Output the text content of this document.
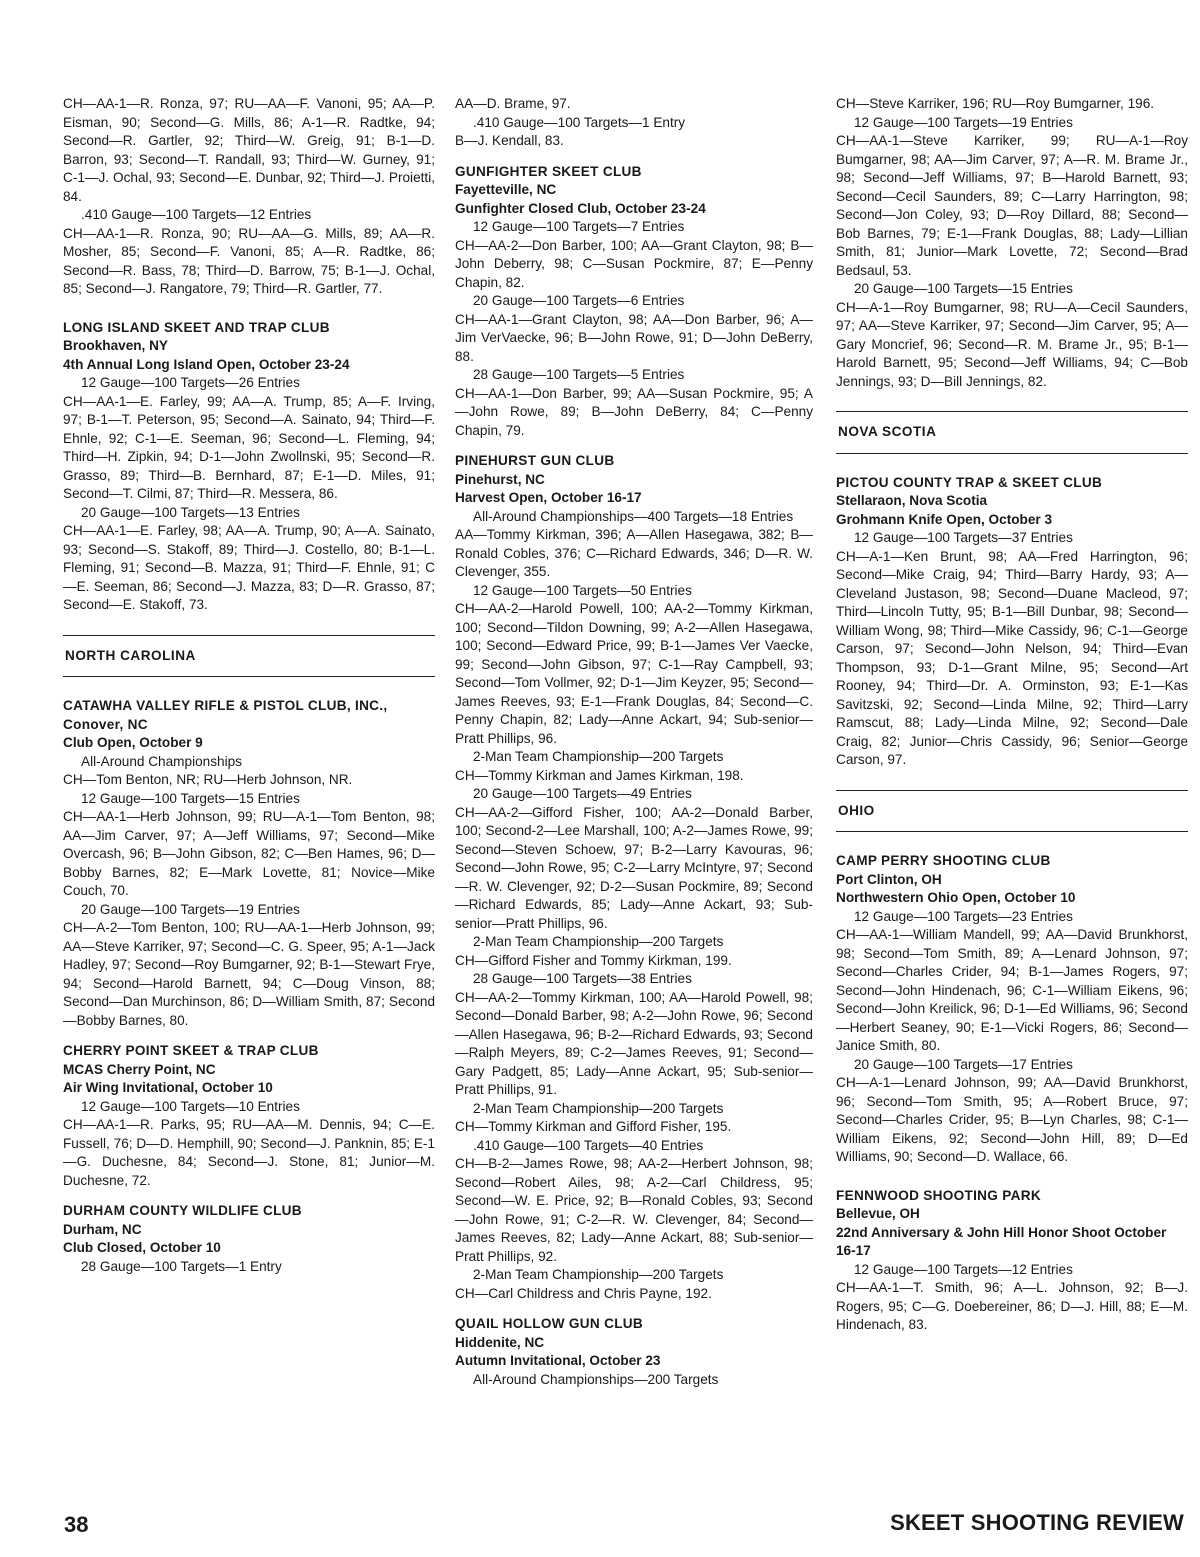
CH—AA-1—R. Ronza, 97; RU—AA—F. Vanoni, 95; AA—P. Eisman, 90; Second—G. Mills, 86; A-1—R. Radtke, 94; Second—R. Gartler, 92; Third—W. Greig, 91; B-1—D. Barron, 93; Second—T. Randall, 93; Third—W. Gurney, 91; C-1—J. Ochal, 93; Second—E. Dunbar, 92; Third—J. Proietti, 84.

.410 Gauge—100 Targets—12 Entries

CH—AA-1—R. Ronza, 90; RU—AA—G. Mills, 89; AA—R. Mosher, 85; Second—F. Vanoni, 85; A—R. Radtke, 86; Second—R. Bass, 78; Third—D. Barrow, 75; B-1—J. Ochal, 85; Second—J. Rangatore, 79; Third—R. Gartler, 77.

LONG ISLAND SKEET AND TRAP CLUB

Brookhaven, NY

4th Annual Long Island Open, October 23-24

12 Gauge—100 Targets—26 Entries

CH—AA-1—E. Farley, 99; AA—A. Trump, 85; A—F. Irving, 97; B-1—T. Peterson, 95; Second—A. Sainato, 94; Third—F. Ehnle, 92; C-1—E. Seeman, 96; Second—L. Fleming, 94; Third—H. Zipkin, 94; D-1—John Zwollnski, 95; Second—R. Grasso, 89; Third—B. Bernhard, 87; E-1—D. Miles, 91; Second—T. Cilmi, 87; Third—R. Messera, 86.

20 Gauge—100 Targets—13 Entries

CH—AA-1—E. Farley, 98; AA—A. Trump, 90; A—A. Sainato, 93; Second—S. Stakoff, 89; Third—J. Costello, 80; B-1—L. Fleming, 91; Second—B. Mazza, 91; Third—F. Ehnle, 91; C—E. Seeman, 86; Second—J. Mazza, 83; D—R. Grasso, 87; Second—E. Stakoff, 73.

NORTH CAROLINA

CATAWHA VALLEY RIFLE & PISTOL CLUB, INC., Conover, NC

Club Open, October 9

All-Around Championships

CH—Tom Benton, NR; RU—Herb Johnson, NR.

12 Gauge—100 Targets—15 Entries

CH—AA-1—Herb Johnson, 99; RU—A-1—Tom Benton, 98; AA—Jim Carver, 97; A—Jeff Williams, 97; Second—Mike Overcash, 96; B—John Gibson, 82; C—Ben Hames, 96; D—Bobby Barnes, 82; E—Mark Lovette, 81; Novice—Mike Couch, 70.

20 Gauge—100 Targets—19 Entries

CH—A-2—Tom Benton, 100; RU—AA-1—Herb Johnson, 99; AA—Steve Karriker, 97; Second—C. G. Speer, 95; A-1—Jack Hadley, 97; Second—Roy Bumgarner, 92; B-1—Stewart Frye, 94; Second—Harold Barnett, 94; C—Doug Vinson, 88; Second—Dan Murchinson, 86; D—William Smith, 87; Second—Bobby Barnes, 80.

CHERRY POINT SKEET & TRAP CLUB

MCAS Cherry Point, NC

Air Wing Invitational, October 10

12 Gauge—100 Targets—10 Entries

CH—AA-1—R. Parks, 95; RU—AA—M. Dennis, 94; C—E. Fussell, 76; D—D. Hemphill, 90; Second—J. Panknin, 85; E-1—G. Duchesne, 84; Second—J. Stone, 81; Junior—M. Duchesne, 72.

DURHAM COUNTY WILDLIFE CLUB

Durham, NC

Club Closed, October 10

28 Gauge—100 Targets—1 Entry

AA—D. Brame, 97.

.410 Gauge—100 Targets—1 Entry

B—J. Kendall, 83.

GUNFIGHTER SKEET CLUB

Fayetteville, NC

Gunfighter Closed Club, October 23-24

12 Gauge—100 Targets—7 Entries

CH—AA-2—Don Barber, 100; AA—Grant Clayton, 98; B—John Deberry, 98; C—Susan Pockmire, 87; E—Penny Chapin, 82.

20 Gauge—100 Targets—6 Entries

CH—AA-1—Grant Clayton, 98; AA—Don Barber, 96; A—Jim VerVaecke, 96; B—John Rowe, 91; D—John DeBerry, 88.

28 Gauge—100 Targets—5 Entries

CH—AA-1—Don Barber, 99; AA—Susan Pockmire, 95; A—John Rowe, 89; B—John DeBerry, 84; C—Penny Chapin, 79.

PINEHURST GUN CLUB

Pinehurst, NC

Harvest Open, October 16-17

All-Around Championships—400 Targets—18 Entries

AA—Tommy Kirkman, 396; A—Allen Hasegawa, 382; B—Ronald Cobles, 376; C—Richard Edwards, 346; D—R. W. Clevenger, 355.

12 Gauge—100 Targets—50 Entries

CH—AA-2—Harold Powell, 100; AA-2—Tommy Kirkman, 100; Second—Tildon Downing, 99; A-2—Allen Hasegawa, 100; Second—Edward Price, 99; B-1—James Ver Vaecke, 99; Second—John Gibson, 97; C-1—Ray Campbell, 93; Second—Tom Vollmer, 92; D-1—Jim Keyzer, 95; Second—James Reeves, 93; E-1—Frank Douglas, 84; Second—C. Penny Chapin, 82; Lady—Anne Ackart, 94; Sub-senior—Pratt Phillips, 96.

2-Man Team Championship—200 Targets

CH—Tommy Kirkman and James Kirkman, 198.

20 Gauge—100 Targets—49 Entries

CH—AA-2—Gifford Fisher, 100; AA-2—Donald Barber, 100; Second-2—Lee Marshall, 100; A-2—James Rowe, 99; Second—Steven Schoew, 97; B-2—Larry Kavouras, 96; Second—John Rowe, 95; C-2—Larry McIntyre, 97; Second—R. W. Clevenger, 92; D-2—Susan Pockmire, 89; Second—Richard Edwards, 85; Lady—Anne Ackart, 93; Sub-senior—Pratt Phillips, 96.

2-Man Team Championship—200 Targets

CH—Gifford Fisher and Tommy Kirkman, 199.

28 Gauge—100 Targets—38 Entries

CH—AA-2—Tommy Kirkman, 100; AA—Harold Powell, 98; Second—Donald Barber, 98; A-2—John Rowe, 96; Second—Allen Hasegawa, 96; B-2—Richard Edwards, 93; Second—Ralph Meyers, 89; C-2—James Reeves, 91; Second—Gary Padgett, 85; Lady—Anne Ackart, 95; Sub-senior—Pratt Phillips, 91.

2-Man Team Championship—200 Targets

CH—Tommy Kirkman and Gifford Fisher, 195.

.410 Gauge—100 Targets—40 Entries

CH—B-2—James Rowe, 98; AA-2—Herbert Johnson, 98; Second—Robert Ailes, 98; A-2—Carl Childress, 95; Second—W. E. Price, 92; B—Ronald Cobles, 93; Second—John Rowe, 91; C-2—R. W. Clevenger, 84; Second—James Reeves, 82; Lady—Anne Ackart, 88; Sub-senior—Pratt Phillips, 92.

2-Man Team Championship—200 Targets

CH—Carl Childress and Chris Payne, 192.

QUAIL HOLLOW GUN CLUB

Hiddenite, NC

Autumn Invitational, October 23

All-Around Championships—200 Targets

CH—Steve Karriker, 196; RU—Roy Bumgarner, 196.

12 Gauge—100 Targets—19 Entries

CH—AA-1—Steve Karriker, 99; RU—A-1—Roy Bumgarner, 98; AA—Jim Carver, 97; A—R. M. Brame Jr., 98; Second—Jeff Williams, 97; B—Harold Barnett, 93; Second—Cecil Saunders, 89; C—Larry Harrington, 98; Second—Jon Coley, 93; D—Roy Dillard, 88; Second—Bob Barnes, 79; E-1—Frank Douglas, 88; Lady—Lillian Smith, 81; Junior—Mark Lovette, 72; Second—Brad Bedsaul, 53.

20 Gauge—100 Targets—15 Entries

CH—A-1—Roy Bumgarner, 98; RU—A—Cecil Saunders, 97; AA—Steve Karriker, 97; Second—Jim Carver, 95; A—Gary Moncrief, 96; Second—R. M. Brame Jr., 95; B-1—Harold Barnett, 95; Second—Jeff Williams, 94; C—Bob Jennings, 93; D—Bill Jennings, 82.

NOVA SCOTIA

PICTOU COUNTY TRAP & SKEET CLUB

Stellaraon, Nova Scotia

Grohmann Knife Open, October 3

12 Gauge—100 Targets—37 Entries

CH—A-1—Ken Brunt, 98; AA—Fred Harrington, 96; Second—Mike Craig, 94; Third—Barry Hardy, 93; A—Cleveland Justason, 98; Second—Duane Macleod, 97; Third—Lincoln Tutty, 95; B-1—Bill Dunbar, 98; Second—William Wong, 98; Third—Mike Cassidy, 96; C-1—George Carson, 97; Second—John Nelson, 94; Third—Evan Thompson, 93; D-1—Grant Milne, 95; Second—Art Rooney, 94; Third—Dr. A. Orminston, 93; E-1—Kas Savitzski, 92; Second—Linda Milne, 92; Third—Larry Ramscut, 88; Lady—Linda Milne, 92; Second—Dale Craig, 82; Junior—Chris Cassidy, 96; Senior—George Carson, 97.

OHIO

CAMP PERRY SHOOTING CLUB

Port Clinton, OH

Northwestern Ohio Open, October 10

12 Gauge—100 Targets—23 Entries

CH—AA-1—William Mandell, 99; AA—David Brunkhorst, 98; Second—Tom Smith, 89; A—Lenard Johnson, 97; Second—Charles Crider, 94; B-1—James Rogers, 97; Second—John Hindenach, 96; C-1—William Eikens, 96; Second—John Kreilick, 96; D-1—Ed Williams, 96; Second—Herbert Seaney, 90; E-1—Vicki Rogers, 86; Second—Janice Smith, 80.

20 Gauge—100 Targets—17 Entries

CH—A-1—Lenard Johnson, 99; AA—David Brunkhorst, 96; Second—Tom Smith, 95; A—Robert Bruce, 97; Second—Charles Crider, 95; B—Lyn Charles, 98; C-1—William Eikens, 92; Second—John Hill, 89; D—Ed Williams, 90; Second—D. Wallace, 66.

FENNWOOD SHOOTING PARK

Bellevue, OH

22nd Anniversary & John Hill Honor Shoot October 16-17

12 Gauge—100 Targets—12 Entries

CH—AA-1—T. Smith, 96; A—L. Johnson, 92; B—J. Rogers, 95; C—G. Doebereiner, 86; D—J. Hill, 88; E—M. Hindenach, 83.

38	SKEET SHOOTING REVIEW
